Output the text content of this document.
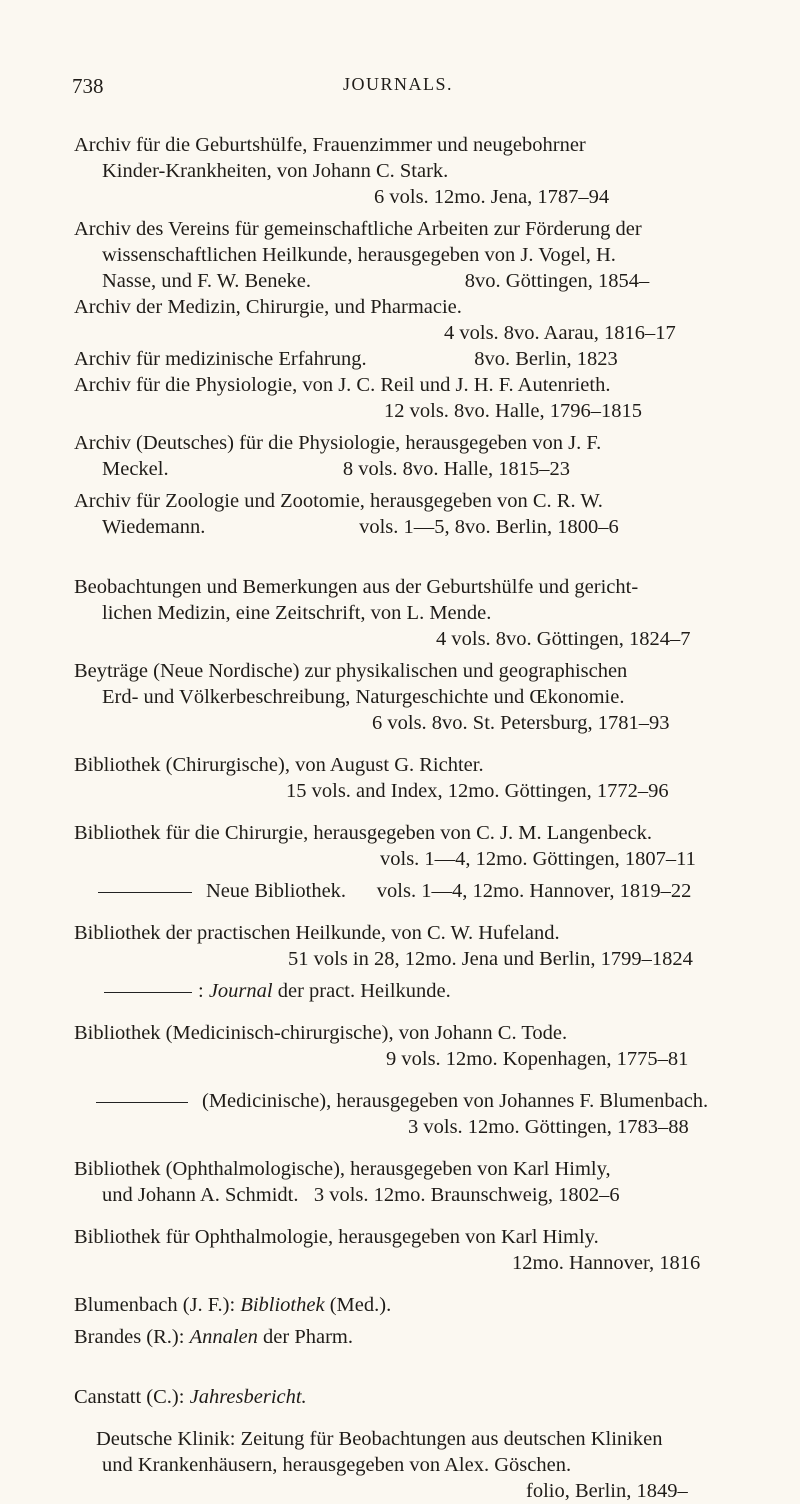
738	JOURNALS.

Archiv für die Geburtshülfe, Frauenzimmer und neugebohrner
Kinder-Krankheiten, von Johann C. Stark.
6 vols. 12mo. Jena, 1787–94

Archiv des Vereins für gemeinschaftliche Arbeiten zur Förderung der
wissenschaftlichen Heilkunde, herausgegeben von J. Vogel, H.
Nasse, und F. W. Beneke.                              8vo. Göttingen, 1854–

Archiv der Medizin, Chirurgie, und Pharmacie.
4 vols. 8vo. Aarau, 1816–17

Archiv für medizinische Erfahrung.                     8vo. Berlin, 1823

Archiv für die Physiologie, von J. C. Reil und J. H. F. Autenrieth.
12 vols. 8vo. Halle, 1796–1815

Archiv (Deutsches) für die Physiologie, herausgegeben von J. F.
Meckel.                                  8 vols. 8vo. Halle, 1815–23

Archiv für Zoologie und Zootomie, herausgegeben von C. R. W.
Wiedemann.                              vols. 1—5, 8vo. Berlin, 1800–6

Beobachtungen und Bemerkungen aus der Geburtshülfe und gericht-
lichen Medizin, eine Zeitschrift, von L. Mende.
4 vols. 8vo. Göttingen, 1824–7

Beyträge (Neue Nordische) zur physikalischen und geographischen
Erd- und Völkerbeschreibung, Naturgeschichte und Œkonomie.
6 vols. 8vo. St. Petersburg, 1781–93

Bibliothek (Chirurgische), von August G. Richter.
15 vols. and Index, 12mo. Göttingen, 1772–96

Bibliothek für die Chirurgie, herausgegeben von C. J. M. Langenbeck.
vols. 1—4, 12mo. Göttingen, 1807–11

Neue Bibliothek.      vols. 1—4, 12mo. Hannover, 1819–22

Bibliothek der practischen Heilkunde, von C. W. Hufeland.
51 vols in 28, 12mo. Jena und Berlin, 1799–1824

: Journal der pract. Heilkunde.

Bibliothek (Medicinisch-chirurgische), von Johann C. Tode.
9 vols. 12mo. Kopenhagen, 1775–81

(Medicinische), herausgegeben von Johannes F. Blumenbach.
3 vols. 12mo. Göttingen, 1783–88

Bibliothek (Ophthalmologische), herausgegeben von Karl Himly,
und Johann A. Schmidt.   3 vols. 12mo. Braunschweig, 1802–6

Bibliothek für Ophthalmologie, herausgegeben von Karl Himly.
12mo. Hannover, 1816

Blumenbach (J. F.): Bibliothek (Med.).

Brandes (R.): Annalen der Pharm.

Canstatt (C.): Jahresbericht.

Deutsche Klinik: Zeitung für Beobachtungen aus deutschen Kliniken
und Krankenhäusern, herausgegeben von Alex. Göschen.
folio, Berlin, 1849–
